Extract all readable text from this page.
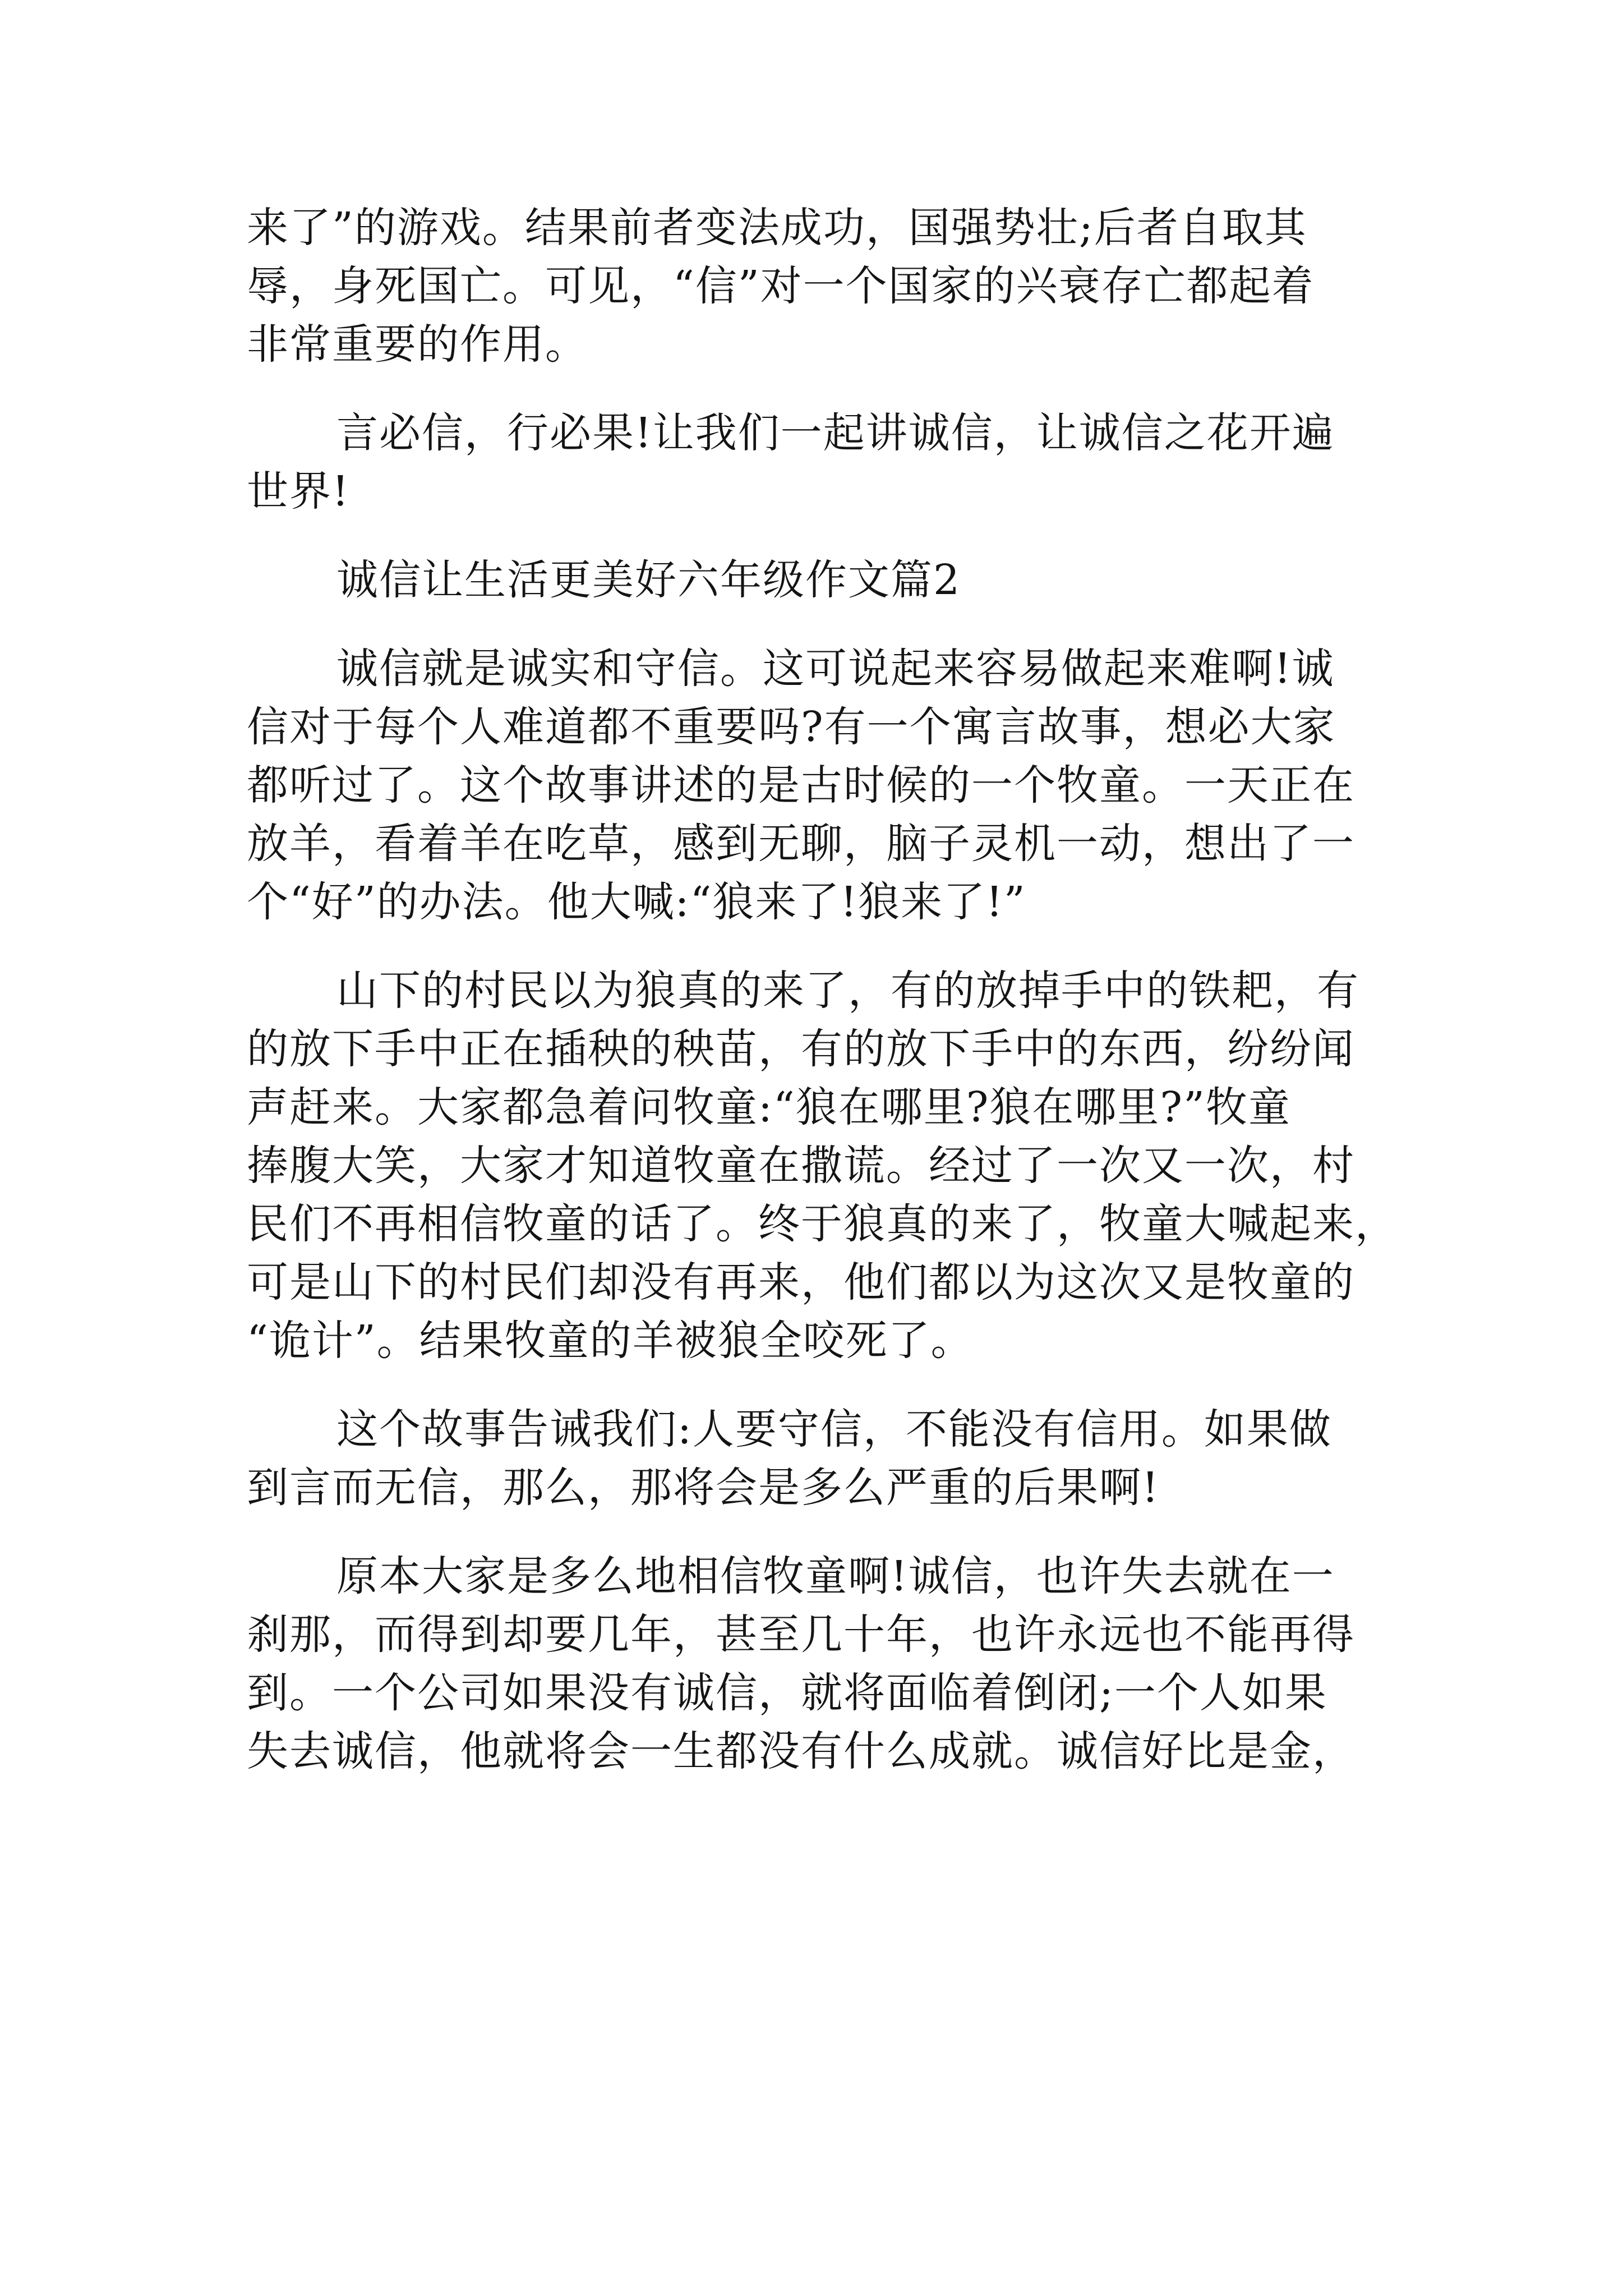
来了”的游戏。结果前者变法成功，国强势壮;后者自取其
辱，身死国亡。可见，“信”对一个国家的兴衰存亡都起着
非常重要的作用。
言必信，行必果!让我们一起讲诚信，让诚信之花开遍
世界!
诚信让生活更美好六年级作文篇2
诚信就是诚实和守信。这可说起来容易做起来难啊!诚
信对于每个人难道都不重要吗?有一个寓言故事，想必大家
都听过了。这个故事讲述的是古时候的一个牧童。一天正在
放羊，看着羊在吃草，感到无聊，脑子灵机一动，想出了一
个“好”的办法。他大喊:“狼来了!狼来了!”
山下的村民以为狼真的来了，有的放掉手中的铁耙，有
的放下手中正在插秧的秧苗，有的放下手中的东西，纷纷闻
声赶来。大家都急着问牧童:“狼在哪里?狼在哪里?”牧童
捧腹大笑，大家才知道牧童在撒谎。经过了一次又一次，村
民们不再相信牧童的话了。终于狼真的来了，牧童大喊起来，
可是山下的村民们却没有再来，他们都以为这次又是牧童的
“诡计”。结果牧童的羊被狼全咬死了。
这个故事告诫我们:人要守信，不能没有信用。如果做
到言而无信，那么，那将会是多么严重的后果啊!
原本大家是多么地相信牧童啊!诚信，也许失去就在一
刹那，而得到却要几年，甚至几十年，也许永远也不能再得
到。一个公司如果没有诚信，就将面临着倒闭;一个人如果
失去诚信，他就将会一生都没有什么成就。诚信好比是金，
